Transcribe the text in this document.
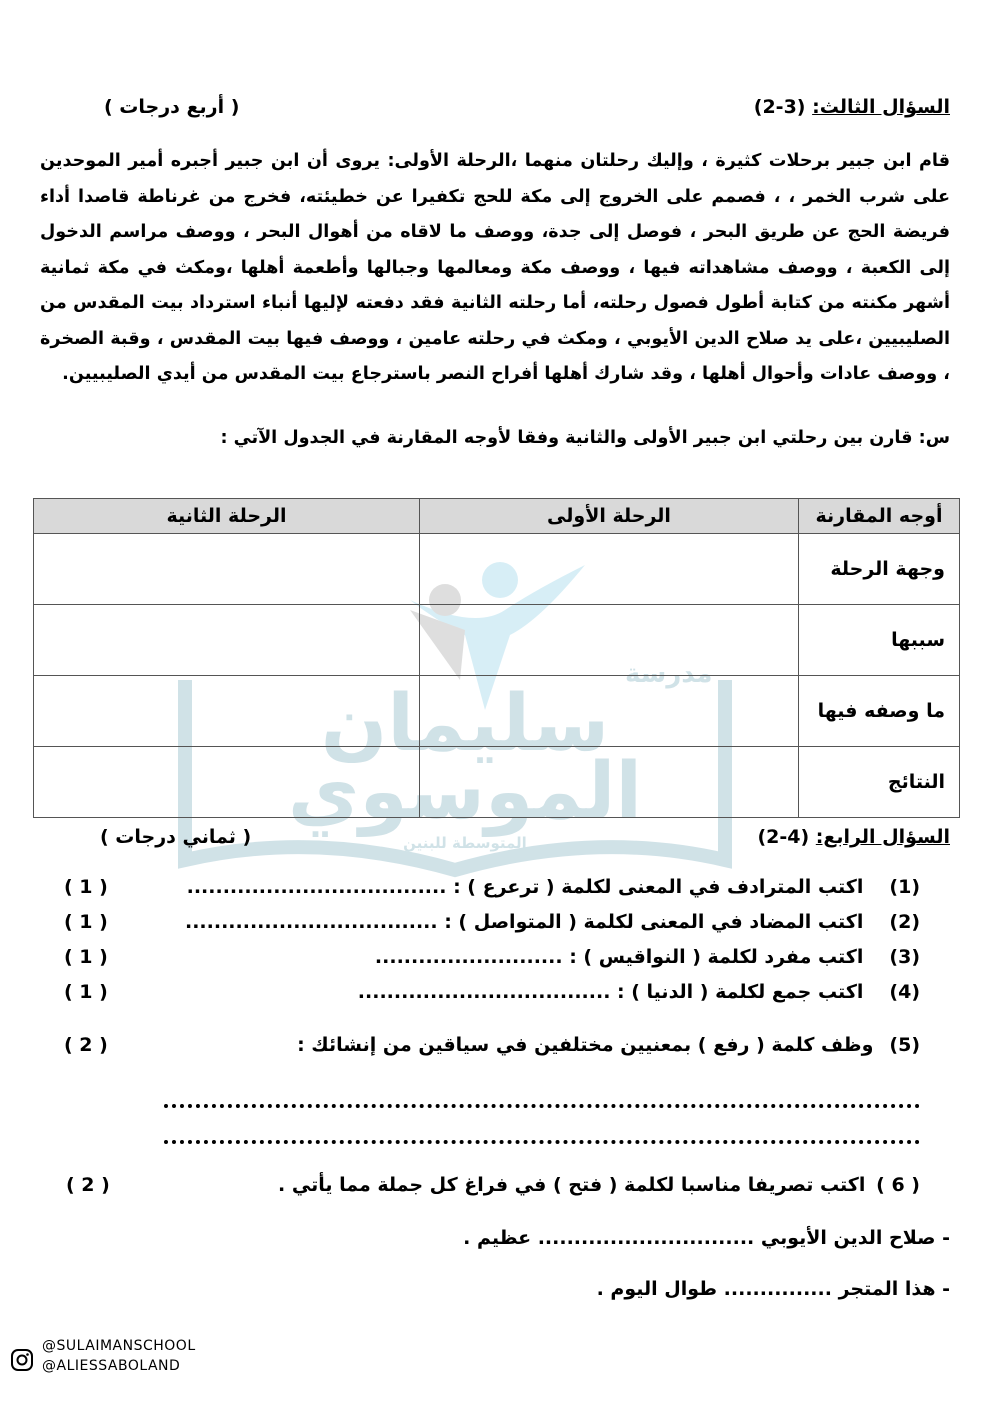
مدرسة
سليمان
الموسوي
المتوسطة للبنين
السؤال الثالث: (3-2)
( أربع درجات )

قام ابن جبير برحلات كثيرة ، وإليك رحلتان منهما ،الرحلة الأولى: يروى أن ابن جبير أجبره أمير الموحدين على شرب الخمر ، ، فصمم على الخروج إلى مكة للحج تكفيرا عن خطيئته، فخرج من غرناطة قاصدا أداء فريضة الحج عن طريق البحر ، فوصل إلى جدة، ووصف ما لاقاه من أهوال البحر ، ووصف مراسم الدخول إلى الكعبة ، ووصف مشاهداته فيها ، ووصف مكة ومعالمها وجبالها وأطعمة أهلها ،ومكث في مكة ثمانية أشهر مكنته من كتابة أطول فصول رحلته، أما رحلته الثانية فقد دفعته لإليها أنباء استرداد بيت المقدس من الصليبيين ،على يد صلاح الدين الأيوبي ، ومكث في رحلته عامين ، ووصف فيها بيت المقدس ، وقبة الصخرة ، ووصف عادات وأحوال أهلها ، وقد شارك أهلها أفراح النصر باسترجاع بيت المقدس من أيدي الصليبيين.

س: قارن بين رحلتي ابن جبير الأولى والثانية وفقا لأوجه المقارنة في الجدول الآتي :
أوجه المقارنة	الرحلة الأولى	الرحلة الثانية
وجهة الرحلة		
سببها		
ما وصفه فيها		
النتائج		
السؤال الرابع: (4-2)
( ثماني درجات )
(1) اكتب المترادف في المعنى لكلمة ( ترعرع ) : ....................................
( 1 )
(2) اكتب المضاد في المعنى لكلمة ( المتواصل ) : ...................................
( 1 )
(3) اكتب مفرد لكلمة ( النواقيس ) : ..........................
( 1 )
(4) اكتب جمع لكلمة ( الدنيا ) : ...................................
( 1 )
(5) وظف كلمة ( رفع ) بمعنيين مختلفين في سياقين من إنشائك :
( 2 )
( 6 ) اكتب تصريفا مناسبا لكلمة ( فتح ) في فراغ كل جملة مما يأتي .
( 2 )
- صلاح الدين الأيوبي .............................. عظيم .
- هذا المتجر ............... طوال اليوم .
@SULAIMANSCHOOL
@ALIESSABOLAND
